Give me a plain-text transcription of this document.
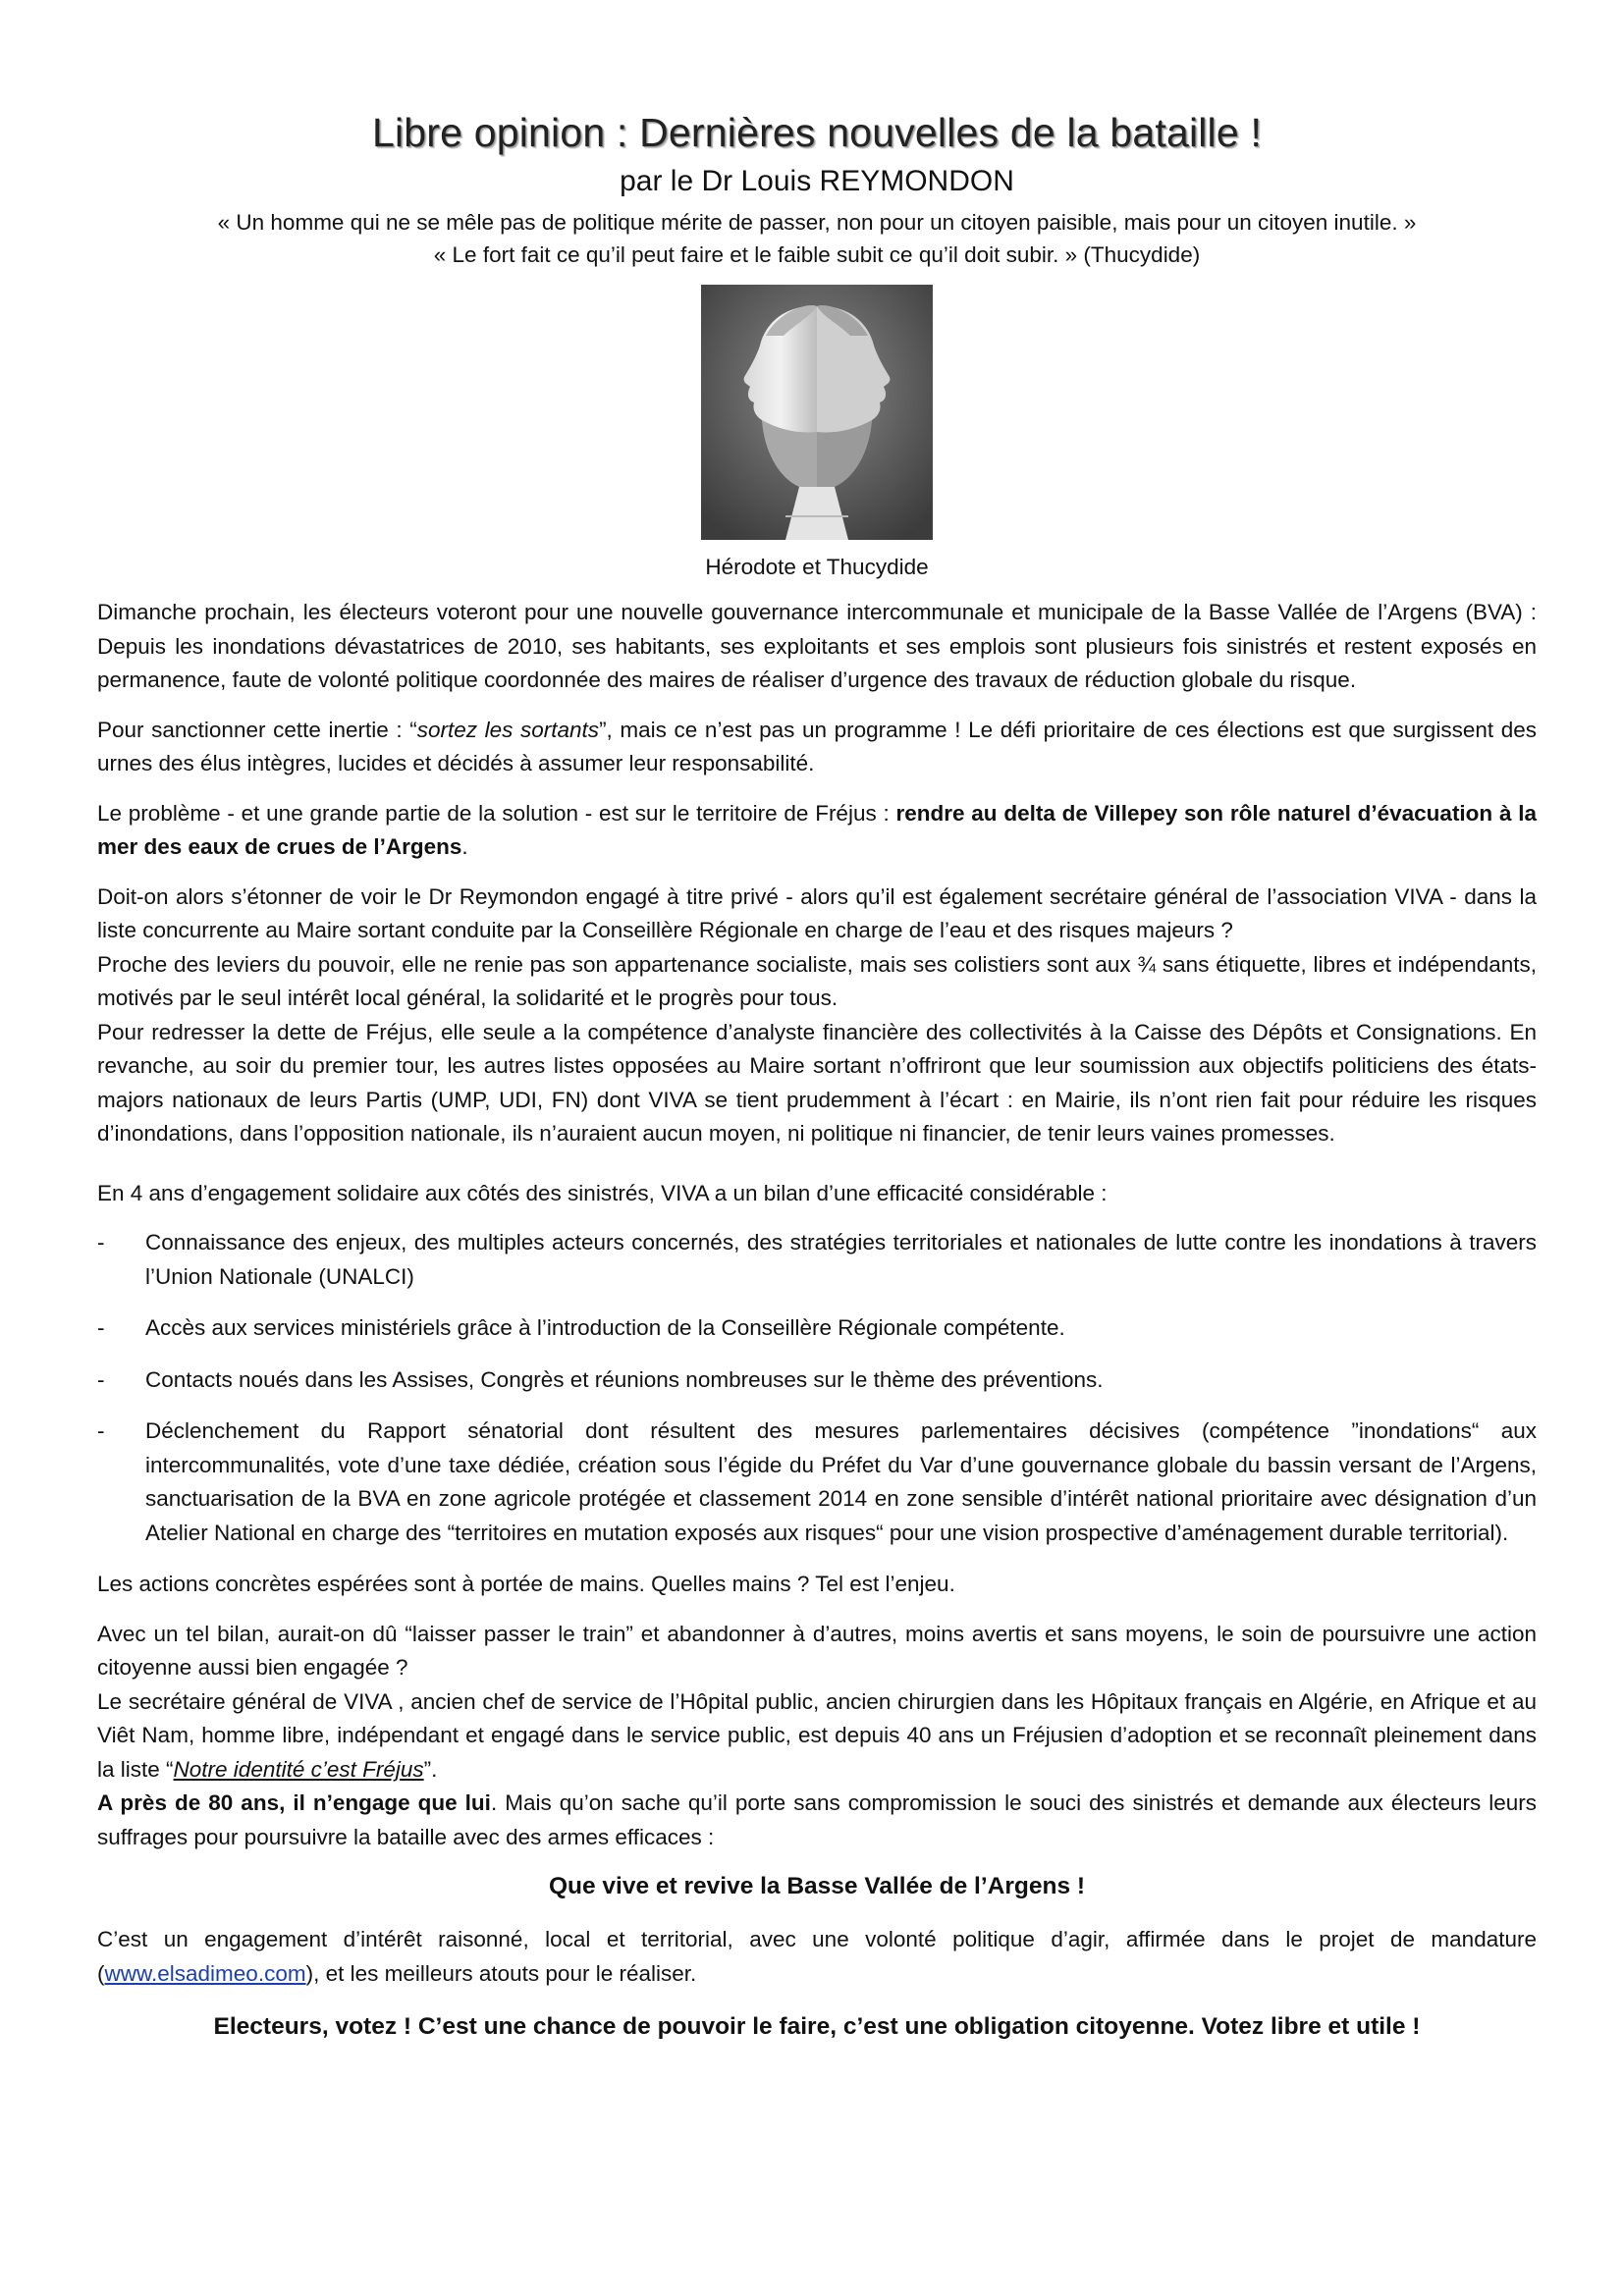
Libre opinion : Dernières nouvelles de la bataille !
par le Dr Louis REYMONDON
« Un homme qui ne se mêle pas de politique mérite de passer, non pour un citoyen paisible, mais pour un citoyen inutile. »
« Le fort fait ce qu’il peut faire et le faible subit ce qu’il doit subir. » (Thucydide)
Hérodote et Thucydide

Dimanche prochain, les électeurs voteront pour une nouvelle gouvernance intercommunale et municipale de la Basse Vallée de l’Argens (BVA) : Depuis les inondations dévastatrices de 2010, ses habitants, ses exploitants et ses emplois sont plusieurs fois sinistrés et restent exposés en permanence, faute de volonté politique coordonnée des maires de réaliser d’urgence des travaux de réduction globale du risque.

Pour sanctionner cette inertie : “sortez les sortants”, mais ce n’est pas un programme ! Le défi prioritaire de ces élections est que surgissent des urnes des élus intègres, lucides et décidés à assumer leur responsabilité.

Le problème - et une grande partie de la solution - est sur le territoire de Fréjus : rendre au delta de Villepey son rôle naturel d’évacuation à la mer des eaux de crues de l’Argens.

Doit-on alors s’étonner de voir le Dr Reymondon engagé à titre privé - alors qu’il est également secrétaire général de l’association VIVA - dans la liste concurrente au Maire sortant conduite par la Conseillère Régionale en charge de l’eau et des risques majeurs ?

Proche des leviers du pouvoir, elle ne renie pas son appartenance socialiste, mais ses colistiers sont aux ¾ sans étiquette, libres et indépendants, motivés par le seul intérêt local général, la solidarité et le progrès pour tous.

Pour redresser la dette de Fréjus, elle seule a la compétence d’analyste financière des collectivités à la Caisse des Dépôts et Consignations. En revanche, au soir du premier tour, les autres listes opposées au Maire sortant n’offriront que leur soumission aux objectifs politiciens des états-majors nationaux de leurs Partis (UMP, UDI, FN) dont VIVA se tient prudemment à l’écart : en Mairie, ils n’ont rien fait pour réduire les risques d’inondations, dans l’opposition nationale, ils n’auraient aucun moyen, ni politique ni financier, de tenir leurs vaines promesses.

En 4 ans d’engagement solidaire aux côtés des sinistrés, VIVA a un bilan d’une efficacité considérable :

-	Connaissance des enjeux, des multiples acteurs concernés, des stratégies territoriales et nationales de lutte contre les inondations à travers l’Union Nationale (UNALCI)
-	Accès aux services ministériels grâce à l’introduction de la Conseillère Régionale compétente.
-	Contacts noués dans les Assises, Congrès et réunions nombreuses sur le thème des préventions.
-	Déclenchement du Rapport sénatorial dont résultent des mesures parlementaires décisives (compétence ”inondations“ aux intercommunalités, vote d’une taxe dédiée, création sous l’égide du Préfet du Var d’une gouvernance globale du bassin versant de l’Argens, sanctuarisation de la BVA en zone agricole protégée et classement 2014 en zone sensible d’intérêt national prioritaire avec désignation d’un Atelier National en charge des “territoires en mutation exposés aux risques“ pour une vision prospective d’aménagement durable territorial).

Les actions concrètes espérées sont à portée de mains. Quelles mains ? Tel est l’enjeu.

Avec un tel bilan, aurait-on dû “laisser passer le train” et abandonner à d’autres, moins avertis et sans moyens, le soin de poursuivre une action citoyenne aussi bien engagée ?

Le secrétaire général de VIVA , ancien chef de service de l’Hôpital public, ancien chirurgien dans les Hôpitaux français en Algérie, en Afrique et au Viêt Nam, homme libre, indépendant et engagé dans le service public, est depuis 40 ans un Fréjusien d’adoption et se reconnaît pleinement dans la liste “Notre identité c’est Fréjus”.

A près de 80 ans, il n’engage que lui. Mais qu’on sache qu’il porte sans compromission le souci des sinistrés et demande aux électeurs leurs suffrages pour poursuivre la bataille avec des armes efficaces :

Que vive et revive la Basse Vallée de l’Argens !

C’est un engagement d’intérêt raisonné, local et territorial, avec une volonté politique d’agir, affirmée dans le projet de mandature (www.elsadimeo.com), et les meilleurs atouts pour le réaliser.

Electeurs, votez ! C’est une chance de pouvoir le faire, c’est une obligation citoyenne. Votez libre et utile !
